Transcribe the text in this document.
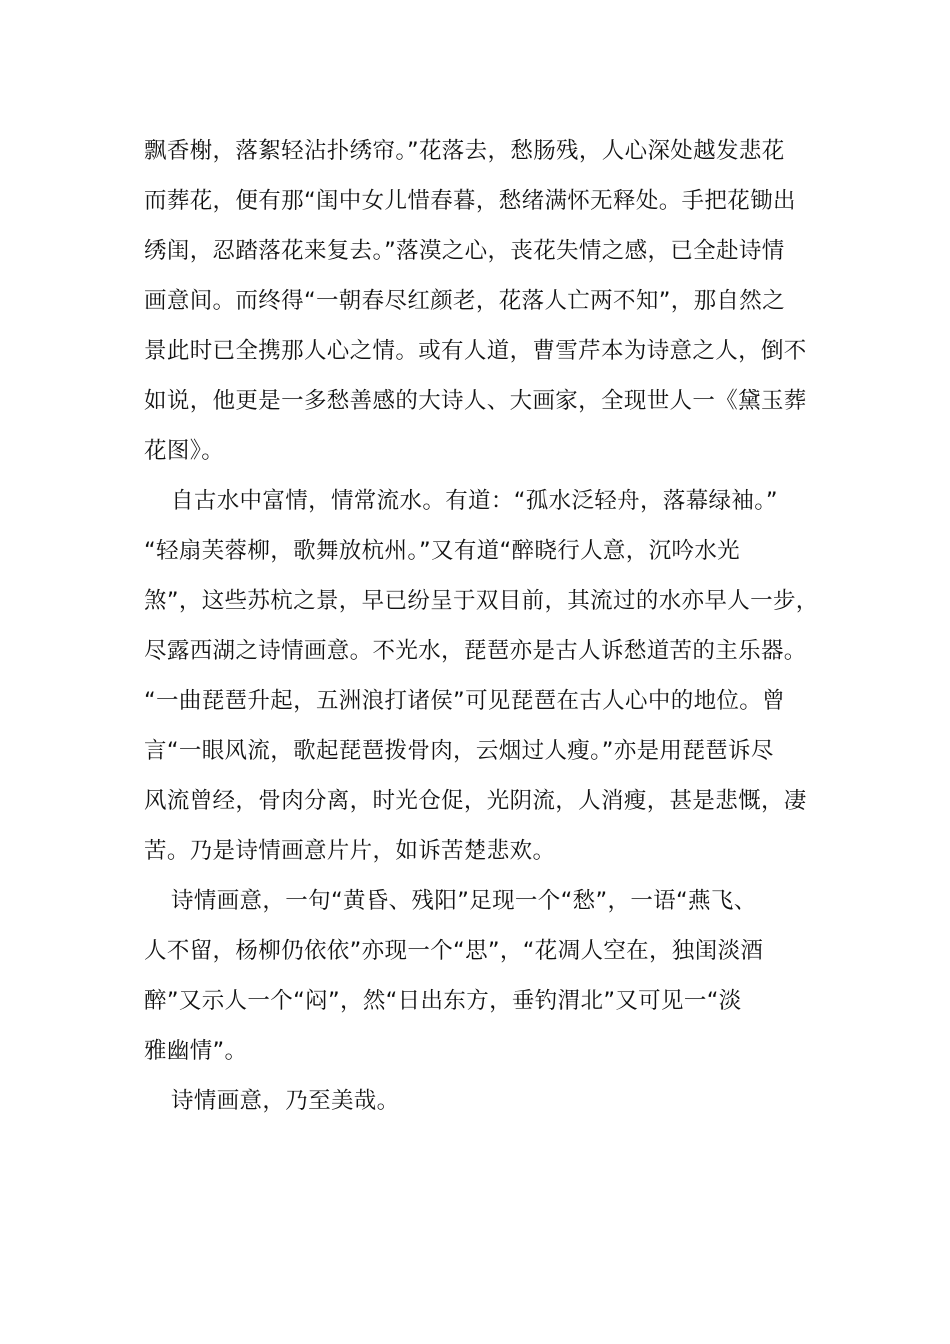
飘香榭，落絮轻沾扑绣帘。”花落去，愁肠残，人心深处越发悲花
而葬花，便有那“闺中女儿惜春暮，愁绪满怀无释处。手把花锄出
绣闺，忍踏落花来复去。”落漠之心，丧花失情之感，已全赴诗情
画意间。而终得“一朝春尽红颜老，花落人亡两不知”，那自然之
景此时已全携那人心之情。或有人道，曹雪芹本为诗意之人，倒不
如说，他更是一多愁善感的大诗人、大画家，全现世人一《黛玉葬
花图》。
自古水中富情，情常流水。有道：“孤水泛轻舟，落幕绿袖。”
“轻扇芙蓉柳，歌舞放杭州。”又有道“醉晓行人意，沉吟水光
煞”，这些苏杭之景，早已纷呈于双目前，其流过的水亦早人一步，
尽露西湖之诗情画意。不光水，琵琶亦是古人诉愁道苦的主乐器。
“一曲琵琶升起，五洲浪打诸侯”可见琵琶在古人心中的地位。曾
言“一眼风流，歌起琵琶拨骨肉，云烟过人瘦。”亦是用琵琶诉尽
风流曾经，骨肉分离，时光仓促，光阴流，人消瘦，甚是悲慨，凄
苦。乃是诗情画意片片，如诉苦楚悲欢。
诗情画意，一句“黄昏、残阳”足现一个“愁”，一语“燕飞、
人不留，杨柳仍依依”亦现一个“思”，“花凋人空在，独闺淡酒
醉”又示人一个“闷”，然“日出东方，垂钓渭北”又可见一“淡
雅幽情”。
诗情画意，乃至美哉。
